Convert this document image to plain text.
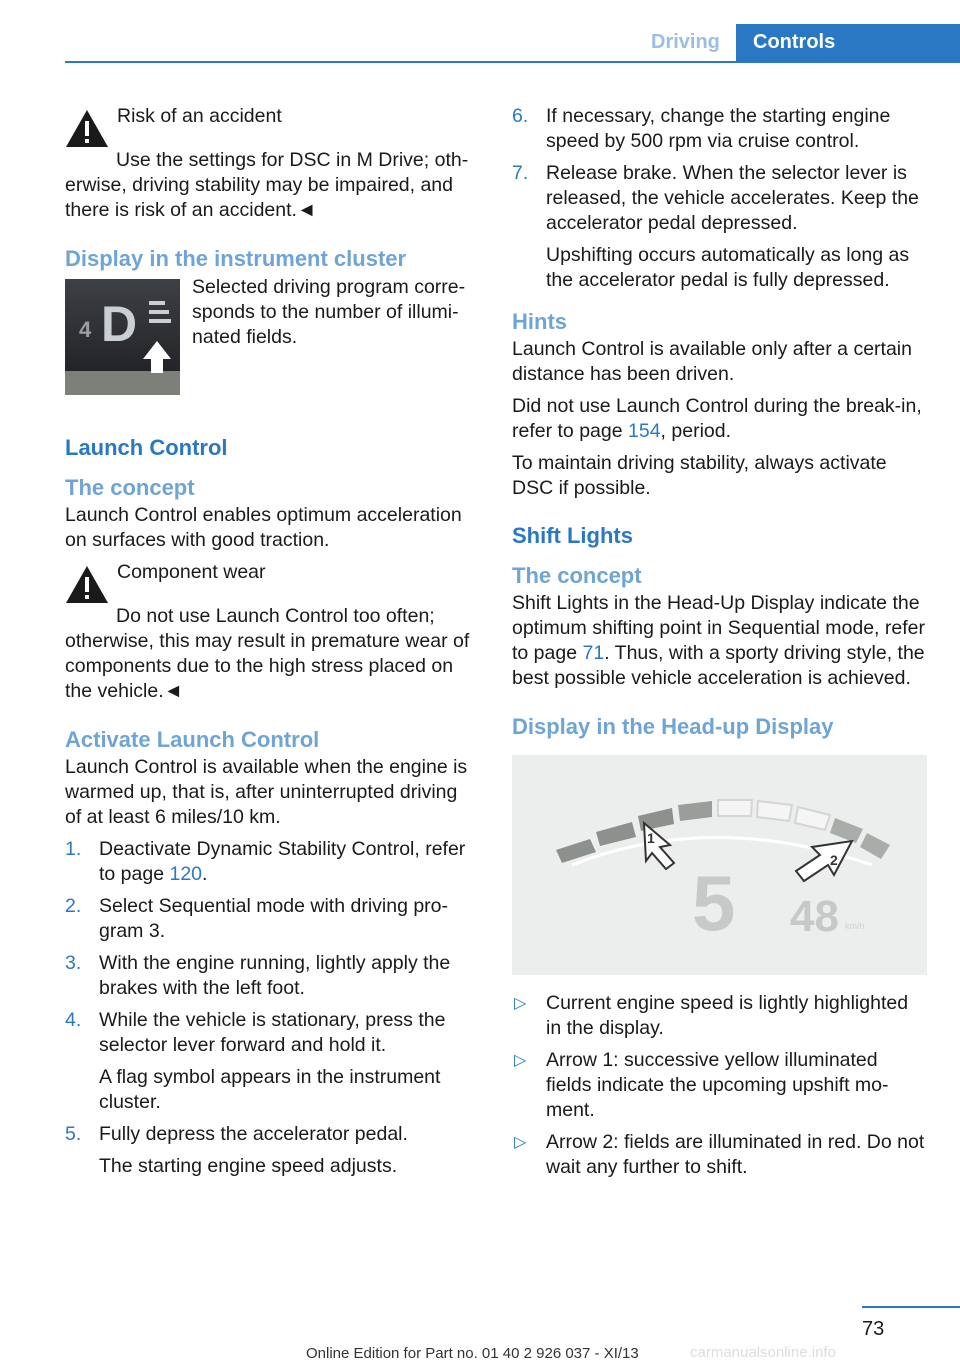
Driving	Controls
Risk of an accident
Use the settings for DSC in M Drive; oth-
erwise, driving stability may be impaired, and there is risk of an accident.◄
Display in the instrument cluster
4 D

Selected driving program corre-sponds to the number of illumi-nated fields.

Launch Control
The concept

Launch Control enables optimum acceleration on surfaces with good traction.

Component wear
Do not use Launch Control too often;
otherwise, this may result in premature wear of components due to the high stress placed on the vehicle.◄
Activate Launch Control

Launch Control is available when the engine is warmed up, that is, after uninterrupted driving of at least 6 miles/10 km.

1. Deactivate Dynamic Stability Control, refer to page 120.
2. Select Sequential mode with driving pro-gram 3.
3. With the engine running, lightly apply the brakes with the left foot.
4. While the vehicle is stationary, press the selector lever forward and hold it.
A flag symbol appears in the instrument cluster.
5. Fully depress the accelerator pedal.
The starting engine speed adjusts.
6. If necessary, change the starting engine speed by 500 rpm via cruise control.
7. Release brake. When the selector lever is released, the vehicle accelerates. Keep the accelerator pedal depressed.
Upshifting occurs automatically as long as the accelerator pedal is fully depressed.
Hints

Launch Control is available only after a certain distance has been driven.

Did not use Launch Control during the break-in, refer to page 154, period.

To maintain driving stability, always activate DSC if possible.

Shift Lights
The concept

Shift Lights in the Head-Up Display indicate the optimum shifting point in Sequential mode, refer to page 71. Thus, with a sporty driving style, the best possible vehicle acceleration is achieved.

Display in the Head-up Display
1
2
5 48 km/h
▷ Current engine speed is lightly highlighted in the display.
▷ Arrow 1: successive yellow illuminated fields indicate the upcoming upshift mo-ment.
▷ Arrow 2: fields are illuminated in red. Do not wait any further to shift.
73
Online Edition for Part no. 01 40 2 926 037 - XI/13	carmanualsonline.info
